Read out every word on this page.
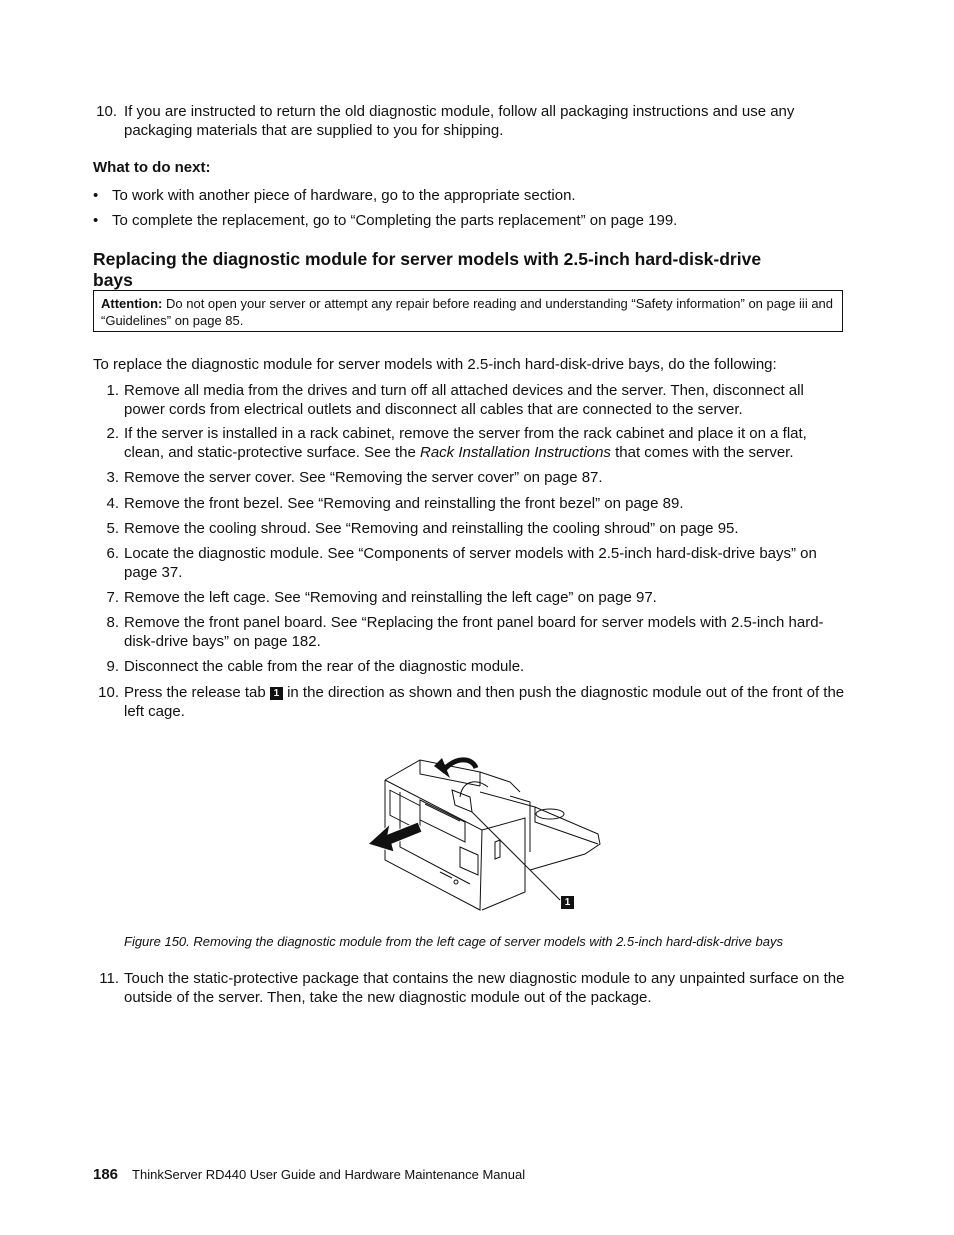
10. If you are instructed to return the old diagnostic module, follow all packaging instructions and use any packaging materials that are supplied to you for shipping.
What to do next:
• To work with another piece of hardware, go to the appropriate section.
• To complete the replacement, go to “Completing the parts replacement” on page 199.
Replacing the diagnostic module for server models with 2.5-inch hard-disk-drive
bays
Attention: Do not open your server or attempt any repair before reading and understanding “Safety information” on page iii and “Guidelines” on page 85.
To replace the diagnostic module for server models with 2.5-inch hard-disk-drive bays, do the following:
1. Remove all media from the drives and turn off all attached devices and the server. Then, disconnect all power cords from electrical outlets and disconnect all cables that are connected to the server.
2. If the server is installed in a rack cabinet, remove the server from the rack cabinet and place it on a flat, clean, and static-protective surface. See the Rack Installation Instructions that comes with the server.
3. Remove the server cover. See “Removing the server cover” on page 87.
4. Remove the front bezel. See “Removing and reinstalling the front bezel” on page 89.
5. Remove the cooling shroud. See “Removing and reinstalling the cooling shroud” on page 95.
6. Locate the diagnostic module. See “Components of server models with 2.5-inch hard-disk-drive bays” on page 37.
7. Remove the left cage. See “Removing and reinstalling the left cage” on page 97.
8. Remove the front panel board. See “Replacing the front panel board for server models with 2.5-inch hard-disk-drive bays” on page 182.
9. Disconnect the cable from the rear of the diagnostic module.
10. Press the release tab 1 in the direction as shown and then push the diagnostic module out of the front of the left cage.
1
Figure 150. Removing the diagnostic module from the left cage of server models with 2.5-inch hard-disk-drive bays
11. Touch the static-protective package that contains the new diagnostic module to any unpainted surface on the outside of the server. Then, take the new diagnostic module out of the package.
186 ThinkServer RD440 User Guide and Hardware Maintenance Manual
